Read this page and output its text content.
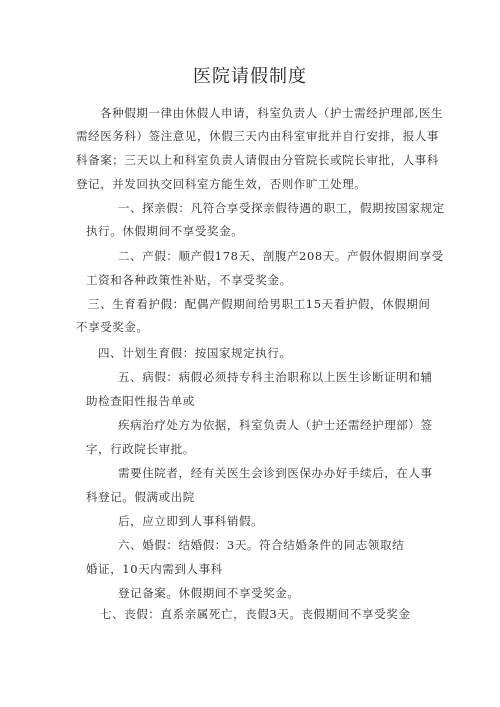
医院请假制度
各种假期一律由休假人申请，科室负责人（护士需经护理部,医生
需经医务科）签注意见，休假三天内由科室审批并自行安排，报人事
科备案；三天以上和科室负责人请假由分管院长或院长审批，人事科
登记，并发回执交回科室方能生效，否则作旷工处理。
一、探亲假：凡符合享受探亲假待遇的职工，假期按国家规定
执行。休假期间不享受奖金。
二、产假：顺产假178天、剖腹产208天。产假休假期间享受
工资和各种政策性补贴，不享受奖金。
三、生育看护假：配偶产假期间给男职工15天看护假，休假期间
不享受奖金。
四、计划生育假：按国家规定执行。
五、病假：病假必须持专科主治职称以上医生诊断证明和辅
助检查阳性报告单或
疾病治疗处方为依据，科室负责人（护士还需经护理部）签
字，行政院长审批。
需要住院者，经有关医生会诊到医保办办好手续后，在人事
科登记。假满或出院
后，应立即到人事科销假。
六、婚假：结婚假：3天。符合结婚条件的同志领取结
婚证，10天内需到人事科
登记备案。休假期间不享受奖金。
七、丧假：直系亲属死亡，丧假3天。丧假期间不享受奖金
